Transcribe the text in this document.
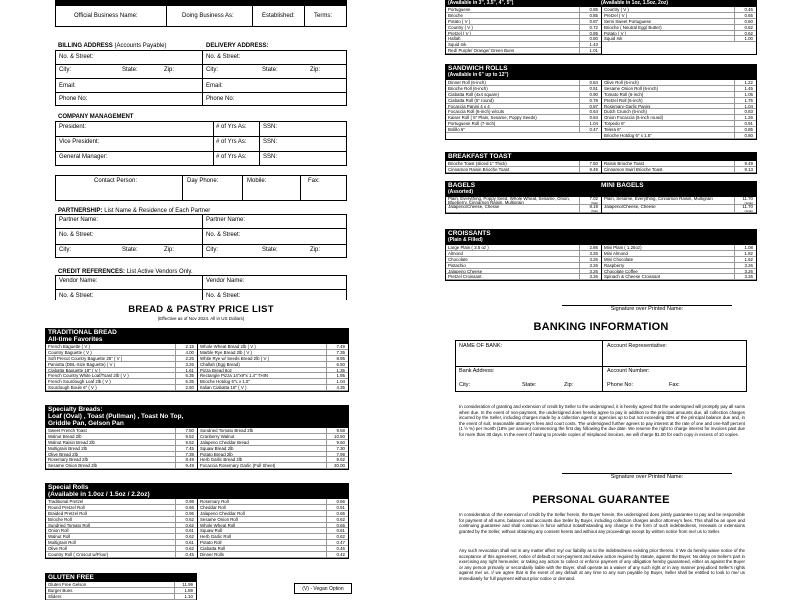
Official Business Name:	Doing Business As:	Established:	Terms:
BILLING ADDRESS (Accounts Payable)	DELIVERY ADDRESS:
No. & Street:	No. & Street:
City:	State:	Zip:	City:	State:	Zip:
Email:	Email:
Phone No:	Phone No:
COMPANY MANAGEMENT
President:	# of Yrs As:	SSN:
Vice President:	# of Yrs As:	SSN:
General Manager:	# of Yrs As:	SSN:
Contact Person:	Day Phone:	Mobile:	Fax:
PARTNERSHIP: List Name & Residence of Each Partner
Partner Name:	Partner Name:
No. & Street:	No. & Street:
City:	State:	Zip:	City:	State:	Zip:
CREDIT REFERENCES: List Active Vendors Only.
Vendor Name:	Vendor Name:
No. & Street:	No. & Street:
BREAD & PASTRY PRICE LIST
(Effective as of Nov 2024. All in US Dollars)
TRADITIONAL BREAD
All-time Favorites
French Baguette ( V )	2.15
Country Baguette ( V )	4.00
Soft Precut Country Baguette 25" ( V )	2.25
Paniotta (DBL-Size Baguette) ( V )	3.26
Ciabatta Baguette 18" ( V )	1.61
French Country White Loaf/Toast 2lb ( V )	6.35
French Sourdough Loaf 2lb ( V )	6.35
Sourdough Boule 6" ( V )	2.60
Whole Wheat Bread 2lb ( V )	7.49
Marble Rye Bread 2lb ( V )	7.35
White Rye w/ Seeds Bread 2lb ( V )	8.95
Challah (Egg Bread)	6.50
Pizza Bread 8oz	1.35
Rectangle Pizza 14"x9"x 1.4" THIN	1.95
Brioche Hotdog 6"L x 1.5"	1.04
Italian Ciabatta 18" ( V )	4.35
Specialty Breads:
Loaf (Oval) , Toast (Pullman) , Toast No Top,
Griddle Pan, Gelson Pan
Sweet French Toast	7.50
Walnut Bread 2lb	9.52
Walnut Raisin Bread 2lb	9.52
Multigrain Bread 2lb	7.45
Olive Bread 2lb	7.39
Rosemary Bread 2lb	8.49
Sesame Onion Bread 2lb	9.49
Sundried Tomato Bread 2lb	9.58
Cranberry Walnut	10.50
Jalapeno Cheddar Bread	9.60
Squaw Bread 2lb	7.30
Potato Bread 2lb	7.99
Herb Garlic Bread 2lb	9.62
Focaccia Rosemary Garlic (Full Sheet)	30.00
Special Rolls
(Available in 1.0oz / 1.5oz / 2.2oz)
Traditional Pretzel	0.98
Round Pretzel Roll	0.66
Braided Pretzel Roll	0.95
Brioche Roll	0.62
Sundried Tomato Roll	0.62
Onion Roll	0.61
Walnut Roll	0.62
Multigrain Roll	0.61
Olive Roll	0.62
Country Roll ( Croscut w/Flour)	0.45
Rosemary Roll	0.66
Cheddar Roll	0.61
Jalapeno Cheddar Roll	0.65
Sesame Onion Roll	0.62
Whole Wheat Roll	0.65
Squaw Roll	0.61
Herb Garlic Roll	0.62
Potato Roll	0.47
Ciabatta Roll	0.45
Dinner Rolls	0.42
GLUTEN FREE
Gluten Free Gelson	11.99
Burger Buns	1.89
Sliders	1.10
(V) - Vegan Option
(Available in 3", 3.5", 4", 5")	(Available in 1oz, 1.5oz, 2oz)
Portuguese	0.85
Brioche	0.85
Potato ( V )	0.87
Country ( V )	0.72
Pretzel ( V )	0.85
Hallah	0.80
Squid Ink	1.43
Red/ Purple/ Orange/ Green Buns	1.01
Country ( V )	0.45
Pretzel ( V )	0.65
Semi Sweet Portuguese	0.60
Brioche ( Neutral Egg/ Butter)	0.62
Potato ( V )	0.62
Squid Ink	1.00
SANDWICH ROLLS
(Available in 6" up to 12")
Dinner Roll (6-inch)	0.84
Brioche Roll (6-inch)	0.51
Ciabatta Roll (4x4 square)	0.90
Ciabatta Roll (5" round)	0.78
Focaccia Panini 4 x 4	0.87
Focaccia Roll (6-inch) w/cuts	0.64
Kaiser Roll ( 5" Plain, Sesame, Poppy Seeds)	0.84
Portuguese Roll (7-inch)	1.04
Bolillo 6"	0.47
Olive Roll (6-inch)	1.22
Sesame Onion Roll (6-inch)	1.45
Tomato Roll (6-inch)	1.05
Pretzel Roll (6-inch)	1.75
Rosemary-Garlic Panini	1.04
Dutch Crunch (6-inch)	0.83
Onion Focaccia (5-inch round)	1.26
Torpedo 6"	0.91
Telera 6"	0.85
Brioche Hotdog 6" x 1.5"	0.80
BREAKFAST TOAST
Brioche Toast (sliced 1" Thick)	7.50
Cinnamon Raisin Brioche Toast	9.49
Raisin Brioche Toast	9.49
Cinnamon Swirl Brioche Toast	9.13
BAGELS
(Assorted)
MINI BAGELS
Plain, Everything, Poppy Seed, Whole Wheat, Sesame, Onion, Blueberry, Cinnamon Raisin, Multigrain
7.02
(6pk)
Jalapeno/Cheese, Chesse	8.19
(6pk)
Plain, Sesame, Everything, Cinnamon Raisin, Multigrain	11.70
(12pk)
Jalapeno/Cheese, Cheese	11.70
(12pk)
CROISSANTS
(Plain & Filled)
Large Plain ( 3.5 oz )	2.86
Almond	3.26
Chocolate	3.26
Pistachio	3.26
Jalapeno Cheese	3.26
Pretzel Croissant	3.26
Mini Plain ( 1.25oz)	1.08
Mini Almond	1.82
Mini Chocolate	1.62
Raspberry	3.26
Chocolate Coffee	3.26
Spinach & Cheese Croissant	3.26
Signature over Printed Name:
BANKING INFORMATION
NAME OF BANK:	Account Representative:
Bank Address:	Account Number:
City:	State:	Zip:	Phone No:	Fax:
In consideration of granting and extension of credit by Seller to the undersigned, it is hereby agreed that the undersigned will promptly pay all sums when due. In the event of non-payment, the undersigned does hereby agree to pay in addition to the principal amounts due, all collection charges incurred by the Seller, including charges made by a collection agent or agencies up to but not exceeding 30% of the principal balance due and, in the event of suit, reasonable attorney's fees and court costs. The undersigned further agrees to pay interest at the rate of one and one-half percent (1 ½ %) per month (18% per annum) commencing the first day following the due date. We reserve the right to charge interest for invoices past due for more than 30 days. In the event of having to provide copies of misplaced invoices, we will charge $1.00 for each copy in excess of 10 copies.
Signature over Printed Name:
PERSONAL GUARANTEE
In consideration of the extension of credit by the Seller herein, the Buyer herein, the undersigned does jointly guarantee to pay and be responsible for payment of all sums, balances and accounts due Seller by Buyer, including collection charges and/or attorney's fees. This shall be an open and continuing guarantee and shall continue in force without notwithstanding any change in the form of such indebtedness, renewals or extensions granted by the Seller, without obtaining any consent hereto and without any proceedings except by written notice from me/ us to Seller.
Any such revocation shall not in any matter affect my/ our liability as to the indebtedness existing prior thereto. I/ We do hereby waive notice of the acceptance of this agreement, notice of default or non-payment and waive action required by statute, against the Buyer. No delay on Seller's part in exercising any right hereunder, or taking any action to collect or enforce payment of any obligation hereby guaranteed, either as against the Buyer or any person primarily or secondarily liable with the Buyer, shall operate as a waiver of any such right or in any manner prejudiced Seller's rights against me/ us. I/ we agree that in the event of any default at any time to any sum payable by Buyer, Seller shall be entitled to look to me/ us immediately for full payment without prior notice or demand.
